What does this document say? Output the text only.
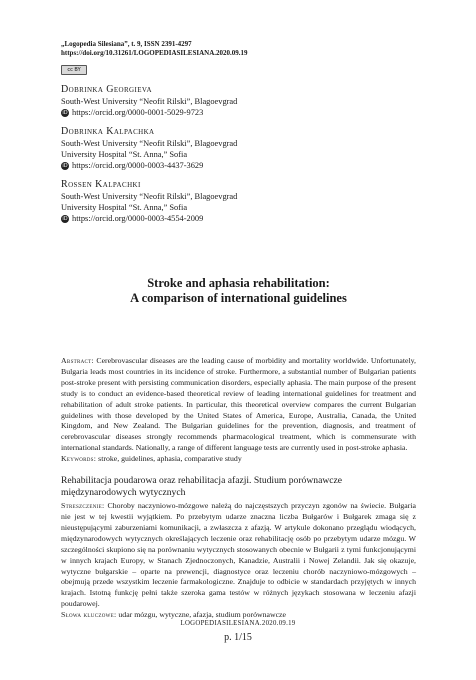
„Logopedia Silesiana”, t. 9, ISSN 2391-4297
https://doi.org/10.31261/LOGOPEDIASILESIANA.2020.09.19
cc BY
Dobrinka Georgieva
South-West University “Neofit Rilski”, Blagoevgrad
iD https://orcid.org/0000-0001-5029-9723
Dobrinka Kalpachka
South-West University “Neofit Rilski”, Blagoevgrad
University Hospital “St. Anna,” Sofia
iD https://orcid.org/0000-0003-4437-3629
Rossen Kalpachki
South-West University “Neofit Rilski”, Blagoevgrad
University Hospital “St. Anna,” Sofia
iD https://orcid.org/0000-0003-4554-2009
Stroke and aphasia rehabilitation:
A comparison of international guidelines
Abstract: Cerebrovascular diseases are the leading cause of morbidity and mortality worldwide. Unfortunately, Bulgaria leads most countries in its incidence of stroke. Furthermore, a substantial number of Bulgarian patients post-stroke present with persisting communication disorders, especially aphasia. The main purpose of the present study is to conduct an evidence-based theoretical review of leading international guidelines for treatment and rehabilitation of adult stroke patients. In particular, this theoretical overview compares the current Bulgarian guidelines with those developed by the United States of America, Europe, Australia, Canada, the United Kingdom, and New Zealand. The Bulgarian guidelines for the prevention, diagnosis, and treatment of cerebrovascular diseases strongly recommends pharmacological treatment, which is commensurate with international standards. Nationally, a range of different language tests are currently used in post-stroke aphasia.
Keywords: stroke, guidelines, aphasia, comparative study
Rehabilitacja poudarowa oraz rehabilitacja afazji. Studium porównawcze międzynarodowych wytycznych
Streszczenie: Choroby naczyniowo-mózgowe należą do najczęstszych przyczyn zgonów na świecie. Bułgaria nie jest w tej kwestii wyjątkiem. Po przebytym udarze znaczna liczba Bułgarów i Bułgarek zmaga się z nieustępującymi zaburzeniami komunikacji, a zwłaszcza z afazją. W artykule dokonano przeglądu wiodących, międzynarodowych wytycznych określających leczenie oraz rehabilitację osób po przebytym udarze mózgu. W szczególności skupiono się na porównaniu wytycznych stosowanych obecnie w Bułgarii z tymi funkcjonującymi w innych krajach Europy, w Stanach Zjednoczonych, Kanadzie, Australii i Nowej Zelandii. Jak się okazuje, wytyczne bułgarskie – oparte na prewencji, diagnostyce oraz leczeniu chorób naczyniowo-mózgowych – obejmują przede wszystkim leczenie farmakologiczne. Znajduje to odbicie w standardach przyjętych w innych krajach. Istotną funkcję pełni także szeroka gama testów w różnych językach stosowana w leczeniu afazji poudarowej.
Słowa kluczowe: udar mózgu, wytyczne, afazja, studium porównawcze
LOGOPEDIASILESIANA.2020.09.19
p. 1/15
